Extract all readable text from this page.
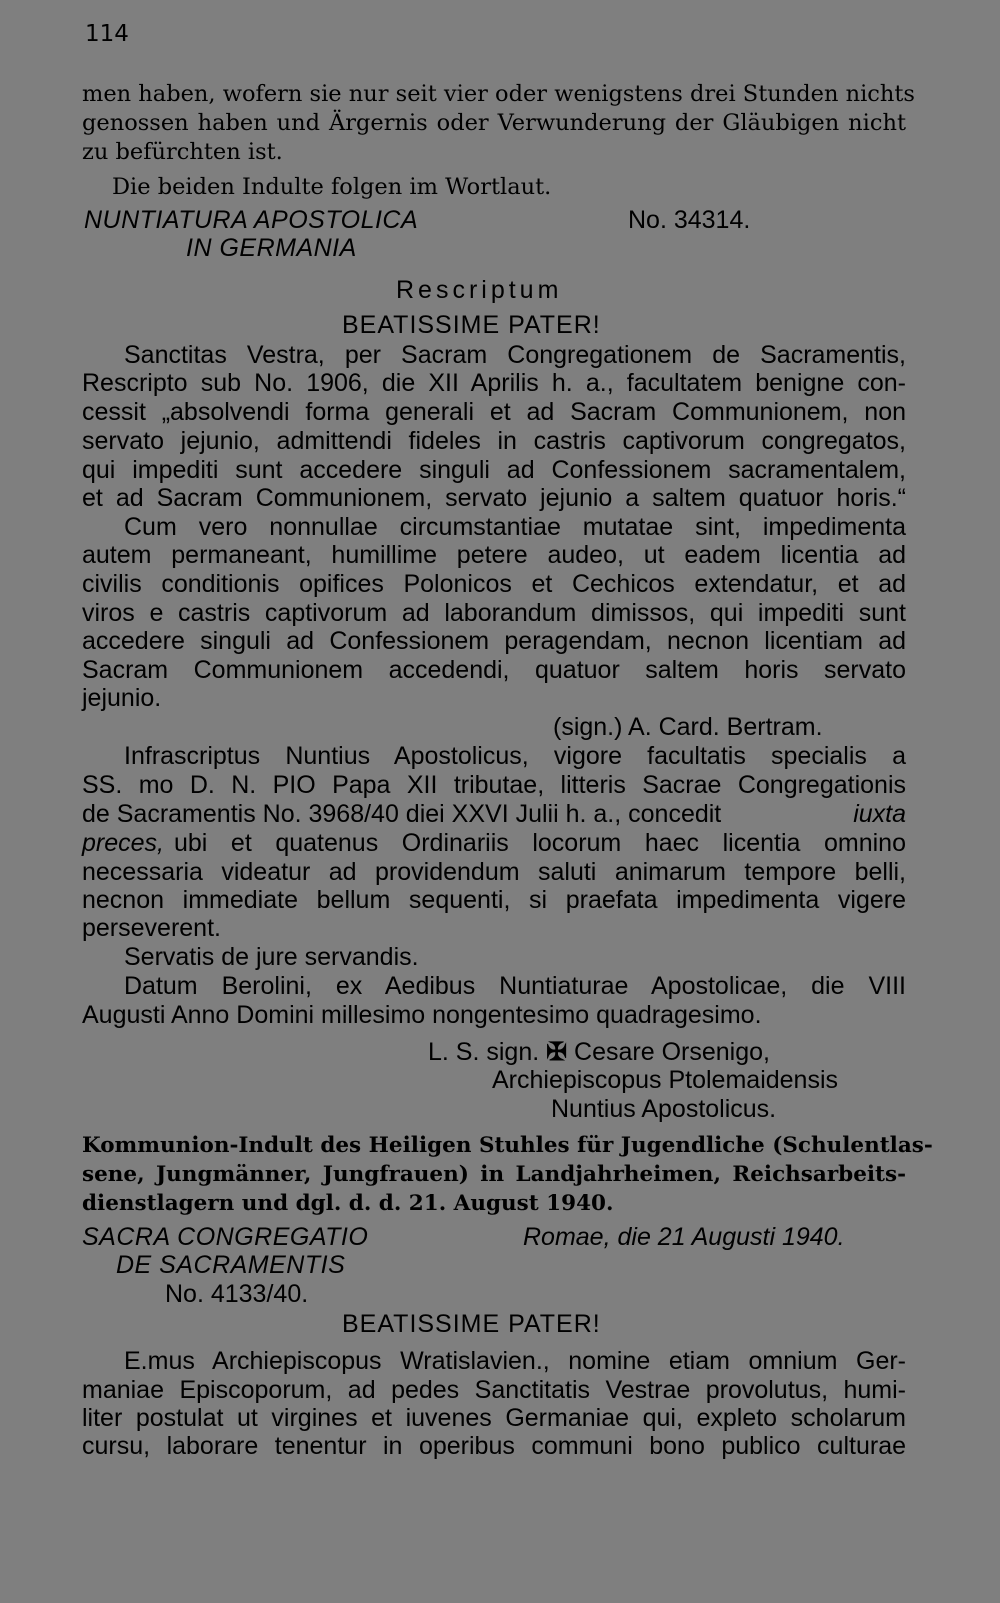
114
men haben, wofern sie nur seit vier oder wenigstens drei Stunden nichts
genossen haben und Ärgernis oder Verwunderung der Gläubigen nicht
zu befürchten ist.
Die beiden Indulte folgen im Wortlaut.
NUNTIATURA APOSTOLICA
IN GERMANIA
No. 34314.
Rescriptum
BEATISSIME PATER!
Sanctitas Vestra, per Sacram Congregationem de Sacramentis,
Rescripto sub No. 1906, die XII Aprilis h. a., facultatem benigne con-
cessit „absolvendi forma generali et ad Sacram Communionem, non
servato jejunio, admittendi fideles in castris captivorum congregatos,
qui impediti sunt accedere singuli ad Confessionem sacramentalem,
et ad Sacram Communionem, servato jejunio a saltem quatuor horis.“
Cum vero nonnullae circumstantiae mutatae sint, impedimenta
autem permaneant, humillime petere audeo, ut eadem licentia ad
civilis conditionis opifices Polonicos et Cechicos extendatur, et ad
viros e castris captivorum ad laborandum dimissos, qui impediti sunt
accedere singuli ad Confessionem peragendam, necnon licentiam ad
Sacram Communionem accedendi, quatuor saltem horis servato
jejunio.
(sign.) A. Card. Bertram.
Infrascriptus Nuntius Apostolicus, vigore facultatis specialis a
SS. mo D. N. PIO Papa XII tributae, litteris Sacrae Congregationis
de Sacramentis No. 3968/40 diei XXVI Julii h. a., concedit	iuxta
preces, ubi et quatenus Ordinariis locorum haec licentia omnino
necessaria videatur ad providendum saluti animarum tempore belli,
necnon immediate bellum sequenti, si praefata impedimenta vigere
perseverent.
Servatis de jure servandis.
Datum Berolini, ex Aedibus Nuntiaturae Apostolicae, die VIII
Augusti Anno Domini millesimo nongentesimo quadragesimo.
L. S. sign. ✠ Cesare Orsenigo,
Archiepiscopus Ptolemaidensis
Nuntius Apostolicus.
Kommunion-Indult des Heiligen Stuhles für Jugendliche (Schulentlas-
sene, Jungmänner, Jungfrauen) in Landjahrheimen, Reichsarbeits-
dienstlagern und dgl. d. d. 21. August 1940.
SACRA CONGREGATIO
DE SACRAMENTIS
Romae, die 21 Augusti 1940.
No. 4133/40.
BEATISSIME PATER!
E.mus Archiepiscopus Wratislavien., nomine etiam omnium Ger-
maniae Episcoporum, ad pedes Sanctitatis Vestrae provolutus, humi-
liter postulat ut virgines et iuvenes Germaniae qui, expleto scholarum
cursu, laborare tenentur in operibus communi bono publico culturae
